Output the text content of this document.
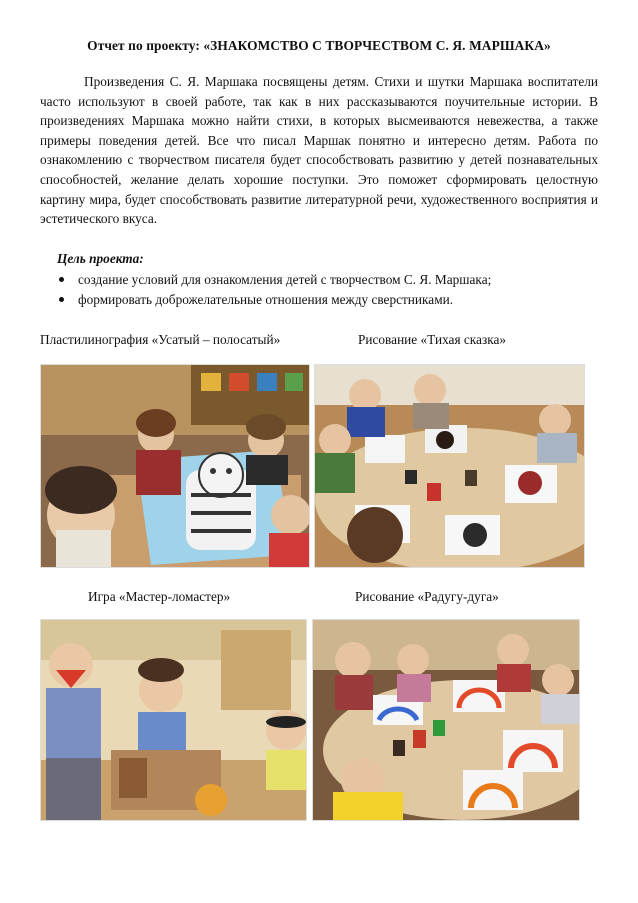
Отчет по проекту: «ЗНАКОМСТВО С ТВОРЧЕСТВОМ С. Я. МАРШАКА»

Произведения С. Я. Маршака посвящены детям. Стихи и шутки Маршака воспитатели часто используют в своей работе, так как в них рассказываются поучительные истории. В произведениях Маршака можно найти стихи, в которых высмеиваются невежества, а также примеры поведения детей. Все что писал Маршак понятно и интересно детям. Работа по ознакомлению с творчеством писателя будет способствовать развитию у детей познавательных способностей, желание делать хорошие поступки. Это поможет сформировать целостную картину мира, будет способствовать развитие литературной речи, художественного восприятия и эстетического вкуса.

Цель проекта:
создание условий для ознакомления детей с творчеством С. Я. Маршака;
формировать доброжелательные отношения между сверстниками.
Пластилинография «Усатый – полосатый»	Рисование «Тихая сказка»
Игра «Мастер-ломастер»	Рисование «Радугу-дуга»
